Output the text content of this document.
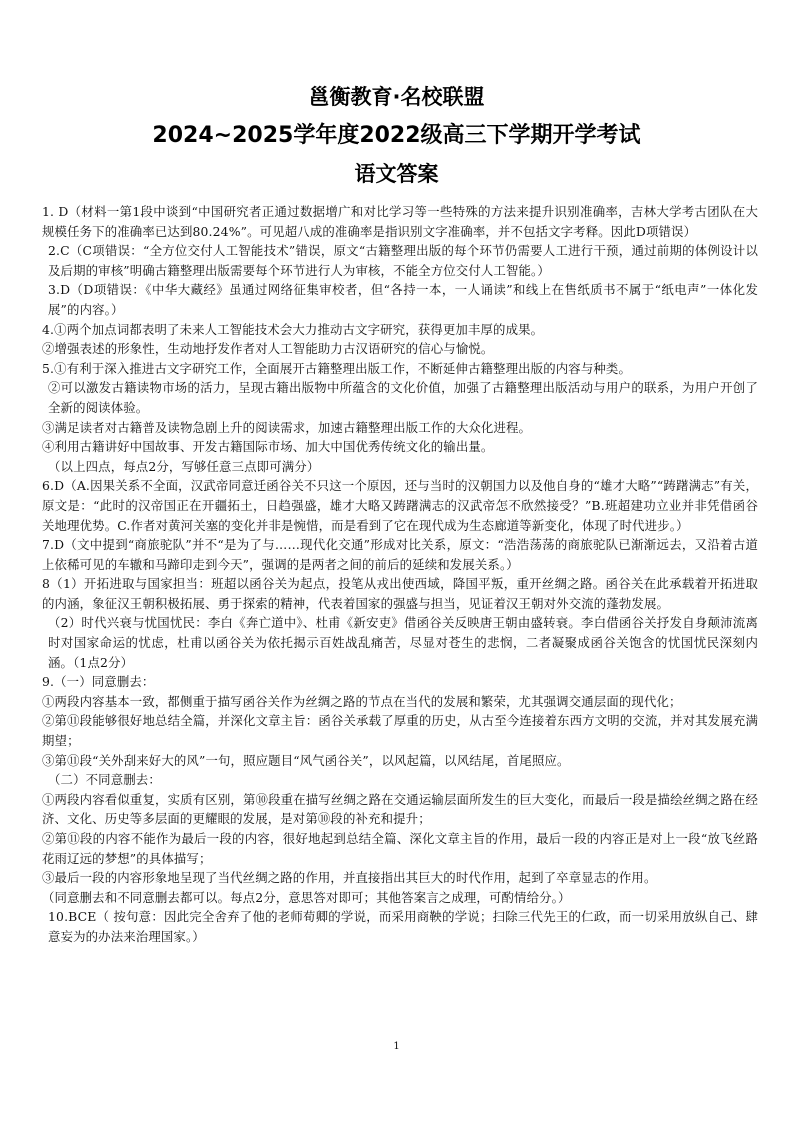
邕衡教育·名校联盟
2024~2025学年度2022级高三下学期开学考试
语文答案

1. D（材料一第1段中谈到“中国研究者正通过数据增广和对比学习等一些特殊的方法来提升识别准确率，吉林大学考古团队在大规模任务下的准确率已达到80.24%”。可见超八成的准确率是指识别文字准确率，并不包括文字考释。因此D项错误）

2.C（C项错误：“全方位交付人工智能技术”错误，原文“古籍整理出版的每个环节仍需要人工进行干预，通过前期的体例设计以及后期的审核”明确古籍整理出版需要每个环节进行人为审核，不能全方位交付人工智能。）

3.D（D项错误：《中华大藏经》虽通过网络征集审校者，但“各持一本，一人诵读”和线上在售纸质书不属于“纸电声”一体化发展”的内容。）

4.①两个加点词都表明了未来人工智能技术会大力推动古文字研究，获得更加丰厚的成果。

②增强表述的形象性，生动地抒发作者对人工智能助力古汉语研究的信心与愉悦。

5.①有利于深入推进古文字研究工作，全面展开古籍整理出版工作，不断延伸古籍整理出版的内容与种类。

②可以激发古籍读物市场的活力，呈现古籍出版物中所蕴含的文化价值，加强了古籍整理出版活动与用户的联系，为用户开创了全新的阅读体验。

③满足读者对古籍普及读物急剧上升的阅读需求，加速古籍整理出版工作的大众化进程。

④利用古籍讲好中国故事、开发古籍国际市场、加大中国优秀传统文化的输出量。

（以上四点，每点2分，写够任意三点即可满分）

6.D（A.因果关系不全面，汉武帝同意迁函谷关不只这一个原因，还与当时的汉朝国力以及他自身的“雄才大略”“踌躇满志”有关，原文是：“此时的汉帝国正在开疆拓土，日趋强盛，雄才大略又踌躇满志的汉武帝怎不欣然接受？”B.班超建功立业并非凭借函谷关地理优势。C.作者对黄河关塞的变化并非是惋惜，而是看到了它在现代成为生态廊道等新变化，体现了时代进步。）

7.D（文中提到“商旅驼队”并不“是为了与……现代化交通”形成对比关系，原文：“浩浩荡荡的商旅驼队已渐渐远去，又沿着古道上依稀可见的车辙和马蹄印走到今天”，强调的是两者之间的前后的延续和发展关系。）

8（1）开拓进取与国家担当：班超以函谷关为起点，投笔从戎出使西域，降国平叛，重开丝绸之路。函谷关在此承载着开拓进取的内涵，象征汉王朝积极拓展、勇于探索的精神，代表着国家的强盛与担当，见证着汉王朝对外交流的蓬勃发展。

（2）时代兴衰与忧国忧民：李白《奔亡道中》、杜甫《新安吏》借函谷关反映唐王朝由盛转衰。李白借函谷关抒发自身颠沛流离时对国家命运的忧虑，杜甫以函谷关为依托揭示百姓战乱痛苦，尽显对苍生的悲悯，二者凝聚成函谷关饱含的忧国忧民深刻内涵。（1点2分）

9.（一）同意删去：

①两段内容基本一致，都侧重于描写函谷关作为丝绸之路的节点在当代的发展和繁荣，尤其强调交通层面的现代化；

②第⑪段能够很好地总结全篇，并深化文章主旨：函谷关承载了厚重的历史，从古至今连接着东西方文明的交流，并对其发展充满期望；

③第⑪段“关外刮来好大的风”一句，照应题目“风气函谷关”，以风起篇，以风结尾，首尾照应。

（二）不同意删去：

①两段内容看似重复，实质有区别，第⑩段重在描写丝绸之路在交通运输层面所发生的巨大变化，而最后一段是描绘丝绸之路在经济、文化、历史等多层面的更耀眼的发展，是对第⑩段的补充和提升；

②第⑪段的内容不能作为最后一段的内容，很好地起到总结全篇、深化文章主旨的作用，最后一段的内容正是对上一段“放飞丝路花雨辽远的梦想”的具体描写；

③最后一段的内容形象地呈现了当代丝绸之路的作用，并直接指出其巨大的时代作用，起到了卒章显志的作用。

（同意删去和不同意删去都可以。每点2分，意思答对即可；其他答案言之成理，可酌情给分。）

10.BCE（ 按句意：因此完全舍弃了他的老师荀卿的学说，而采用商鞅的学说；扫除三代先王的仁政，而一切采用放纵自己、肆意妄为的办法来治理国家。）

1
